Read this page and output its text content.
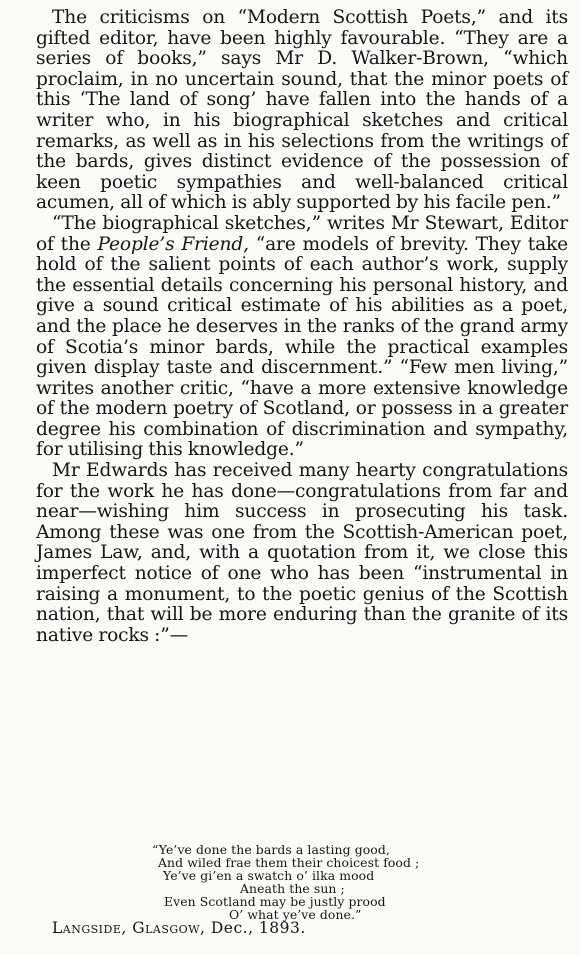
The criticisms on “Modern Scottish Poets,” and its gifted editor, have been highly favourable. “They are a series of books,” says Mr D. Walker-Brown, “which proclaim, in no uncertain sound, that the minor poets of this ‘The land of song’ have fallen into the hands of a writer who, in his biographical sketches and critical remarks, as well as in his selections from the writings of the bards, gives distinct evidence of the possession of keen poetic sympathies and well-balanced critical acumen, all of which is ably supported by his facile pen.”

“The biographical sketches,” writes Mr Stewart, Editor of the People’s Friend, “are models of brevity. They take hold of the salient points of each author’s work, supply the essential details concerning his personal history, and give a sound critical estimate of his abilities as a poet, and the place he deserves in the ranks of the grand army of Scotia’s minor bards, while the practical examples given display taste and discernment.” “Few men living,” writes another critic, “have a more extensive knowledge of the modern poetry of Scotland, or possess in a greater degree his combination of discrimination and sympathy, for utilising this knowledge.”

Mr Edwards has received many hearty congratulations for the work he has done—congratulations from far and near—wishing him success in prosecuting his task. Among these was one from the Scottish-American poet, James Law, and, with a quotation from it, we close this imperfect notice of one who has been “instrumental in raising a monument, to the poetic genius of the Scottish nation, that will be more enduring than the granite of its native rocks :”—

“Ye’ve done the bards a lasting good,
And wiled frae them their choicest food ;
Ye’ve gi’en a swatch o’ ilka mood
Aneath the sun ;
Even Scotland may be justly prood
O’ what ye’ve done.”
Langside, Glasgow, Dec., 1893.
